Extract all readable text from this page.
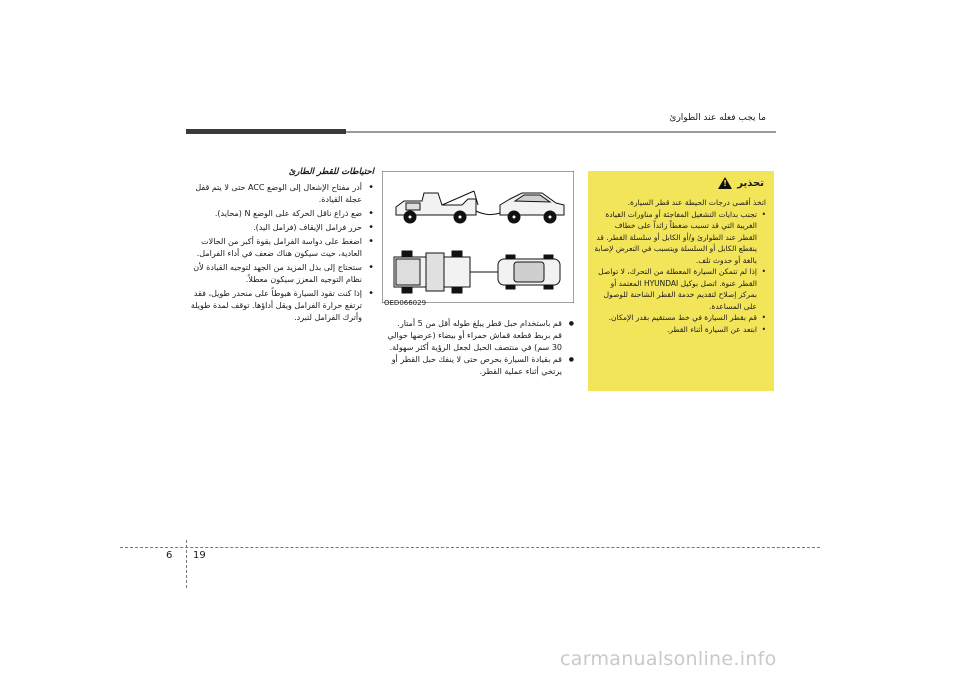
ما يجب فعله عند الطوارئ
تحذير
!

اتخذ أقصى درجات الحيطة عند قطر السيارة.

• تجنب بدايات التشغيل المفاجئة أو مناورات القيادة الغريبة التي قد تسبب ضغطاً زائداً على خطاف القطر عند الطوارئ و/أو الكابل أو سلسلة القطر. قد ينقطع الكابل أو السلسلة ويتسبب في التعرض لإصابة بالغة أو حدوث تلف.
• إذا لم تتمكن السيارة المعطلة من التحرك، لا تواصل القطر عنوة. اتصل بوكيل HYUNDAI المعتمد أو بمركز إصلاح لتقديم خدمة القطر الشاحنة للوصول على المساعدة.
• قم بقطر السيارة في خط مستقيم بقدر الإمكان.
• ابتعد عن السيارة أثناء القطر.
OED066029
● قم باستخدام حبل قطر يبلغ طوله أقل من 5 أمتار. قم بربط قطعة قماش حمراء أو بيضاء (عرضها حوالي 30 سم) في منتصف الحبل لجعل الرؤية أكثر سهولة.
● قم بقيادة السيارة بحرص حتى لا ينفك حبل القطر أو يرتخي أثناء عملية القطر.
احتياطات للقطر الطارئ
• أدر مفتاح الإشعال إلى الوضع ACC حتى لا يتم قفل عجلة القيادة.
• ضع ذراع ناقل الحركة على الوضع N (محايد).
• حرر فرامل الإيقاف (فرامل اليد).
• اضغط على دواسة الفرامل بقوة أكبر من الحالات العادية، حيث سيكون هناك ضعف في أداء الفرامل.
• ستحتاج إلى بذل المزيد من الجهد لتوجيه القيادة لأن نظام التوجيه المعزز سيكون معطلاً.
• إذا كنت تقود السيارة هبوطاً على منحدر طويل، فقد ترتفع حرارة الفرامل ويقل أداؤها. توقف لمدة طويلة وأترك الفرامل لتبرد.
6 19
carmanualsonline.info
